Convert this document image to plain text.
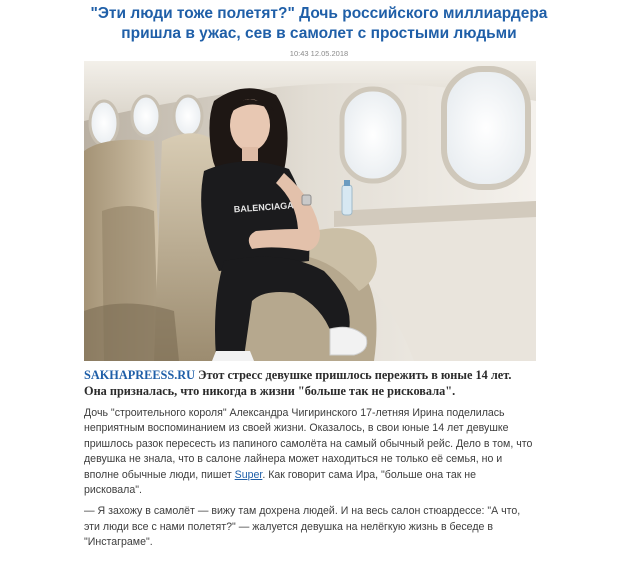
"Эти люди тоже полетят?" Дочь российского миллиардера пришла в ужас, сев в самолет с простыми людьми
10:43 12.05.2018
BALENCIAGA

SAKHAPREESS.RU Этот стресс девушке пришлось пережить в юные 14 лет. Она призналась, что никогда в жизни "больше так не рисковала".

Дочь "строительного короля" Александра Чигиринского 17-летняя Ирина поделилась неприятным воспоминанием из своей жизни. Оказалось, в свои юные 14 лет девушке пришлось разок пересесть из папиного самолёта на самый обычный рейс. Дело в том, что девушка не знала, что в салоне лайнера может находиться не только её семья, но и вполне обычные люди, пишет Super. Как говорит сама Ира, "больше она так не рисковала".

— Я захожу в самолёт — вижу там дохрена людей. И на весь салон стюардессе: "А что, эти люди все с нами полетят?" — жалуется девушка на нелёгкую жизнь в беседе в "Инстаграме".
